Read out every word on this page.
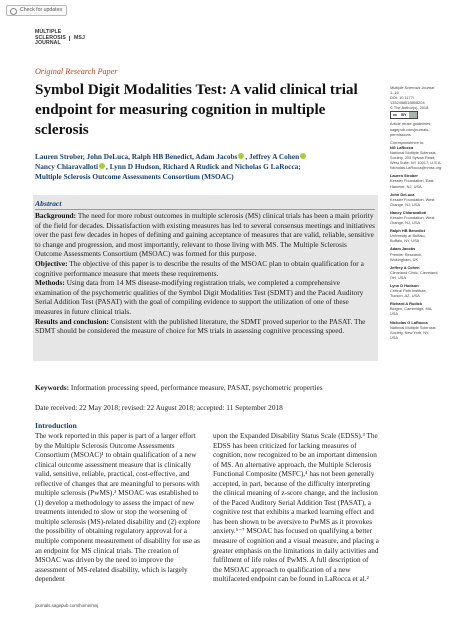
Check for updates
MULTIPLE
SCLEROSIS
JOURNAL
MSJ
Original Research Paper
Symbol Digit Modalities Test: A valid clinical trial endpoint for measuring cognition in multiple sclerosis
Lauren Strober, John DeLuca, Ralph HB Benedict, Adam Jacobs , Jeffrey A Cohen
Nancy Chiaravalloti , Lynn D Hudson, Richard A Rudick and Nicholas G LaRocca;
Multiple Sclerosis Outcome Assessments Consortium (MSOAC)
Multiple Sclerosis Journal
1–16
DOI: 10.1177/
1352458518808204
© The Author(s), 2018.
cc	BY
Article reuse guidelines:
sagepub.com/journals-
permissions
Correspondence to:
NG LaRocca
National Multiple Sclerosis
Society, 200 Sylvan Road,
West Suite, NY 10017, U.S.A.
Nicholas.LaRocca@nmss.org
Lauren Strober
Kessler Foundation, East
Hanover, NJ, USA
John DeLuca
Kessler Foundation, West
Orange, NJ, USA
Nancy Chiaravalloti
Kessler Foundation, West
Orange, NJ, USA
Ralph HB Benedict
University at Buffalo,
Buffalo, NY, USA
Adam Jacobs
Premier Research,
Wokingham, UK
Jeffrey A Cohen
Cleveland Clinic, Cleveland,
OH, USA
Lynn D Hudson
Critical Path Institute,
Tucson, AZ, USA
Richard A Rudick
Biogen, Cambridge, MA,
USA
Nicholas G LaRocca
National Multiple Sclerosis
Society, New York, NY,
USA
Abstract

Background: The need for more robust outcomes in multiple sclerosis (MS) clinical trials has been a main priority of the field for decades. Dissatisfaction with existing measures has led to several consensus meetings and initiatives over the past few decades in hopes of defining and gaining acceptance of measures that are valid, reliable, sensitive to change and progression, and most importantly, relevant to those living with MS. The Multiple Sclerosis Outcome Assessments Consortium (MSOAC) was formed for this purpose.

Objective: The objective of this paper is to describe the results of the MSOAC plan to obtain qualification for a cognitive performance measure that meets these requirements.

Methods: Using data from 14 MS disease-modifying registration trials, we completed a comprehensive examination of the psychometric qualities of the Symbol Digit Modalities Test (SDMT) and the Paced Auditory Serial Addition Test (PASAT) with the goal of compiling evidence to support the utilization of one of these measures in future clinical trials.

Results and conclusion: Consistent with the published literature, the SDMT proved superior to the PASAT. The SDMT should be considered the measure of choice for MS trials in assessing cognitive processing speed.

Keywords: Information processing speed, performance measure, PASAT, psychometric properties
Date received: 22 May 2018; revised: 22 August 2018; accepted: 11 September 2018
Introduction
The work reported in this paper is part of a larger effort by the Multiple Sclerosis Outcome Assessments Consortium (MSOAC)¹ to obtain qualification of a new clinical outcome assessment measure that is clinically valid, sensitive, reliable, practical, cost-effective, and reflective of changes that are meaningful to persons with multiple sclerosis (PwMS).² MSOAC was established to (1) develop a methodology to assess the impact of new treatments intended to slow or stop the worsening of multiple sclerosis (MS)-related disability and (2) explore the possibility of obtaining regulatory approval for a multiple component measurement of disability for use as an endpoint for MS clinical trials. The creation of MSOAC was driven by the need to improve the assessment of MS-related disability, which is largely dependent
upon the Expanded Disability Status Scale (EDSS).³ The EDSS has been criticized for lacking measures of cognition, now recognized to be an important dimension of MS. An alternative approach, the Multiple Sclerosis Functional Composite (MSFC),⁴ has not been generally accepted, in part, because of the difficulty interpreting the clinical meaning of z-score change, and the inclusion of the Paced Auditory Serial Addition Test (PASAT), a cognitive test that exhibits a marked learning effect and has been shown to be aversive to PwMS as it provokes anxiety.⁵⁻⁷ MSOAC has focused on qualifying a better measure of cognition and a visual measure, and placing a greater emphasis on the limitations in daily activities and fulfilment of life roles of PwMS. A full description of the MSOAC approach to qualification of a new multifaceted endpoint can be found in LaRocca et al.²
journals.sagepub.com/home/msj
